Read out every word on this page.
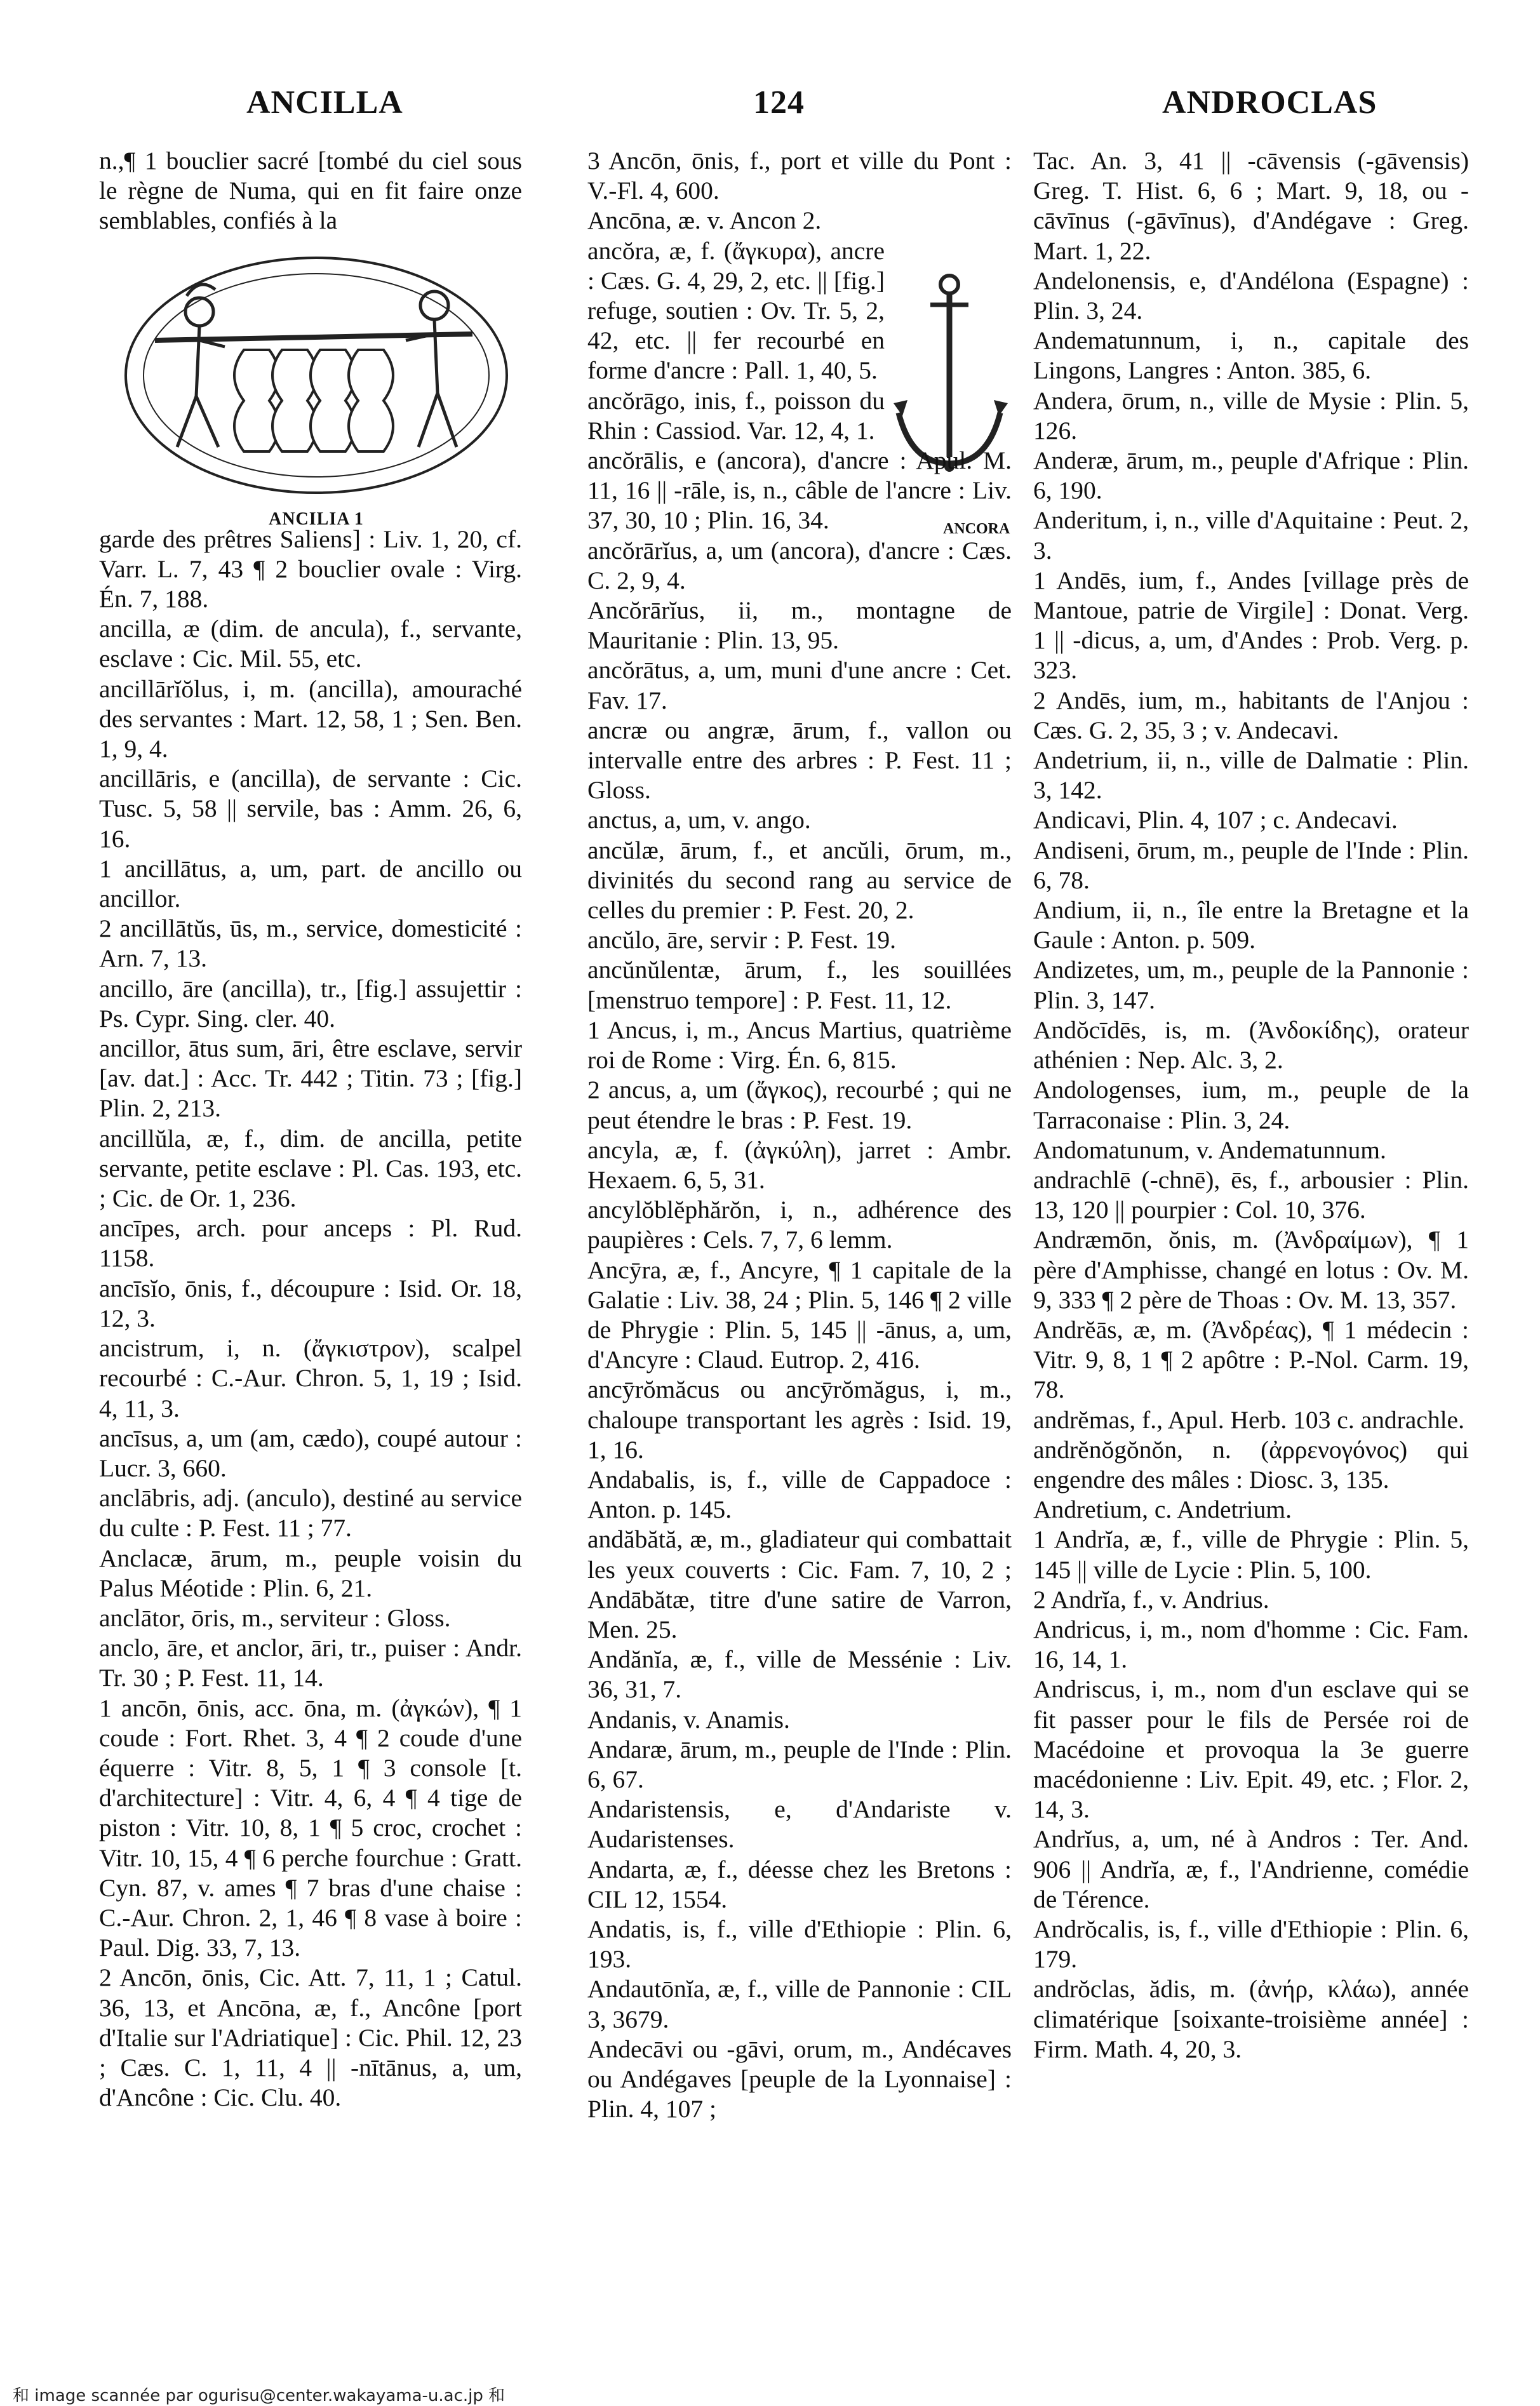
ANCILLA	124	ANDROCLAS

n.,¶ 1 bouclier sacré [tombé du ciel sous le règne de Numa, qui en fit faire onze semblables, confiés à la

ANCILIA 1

garde des prêtres Saliens] : Liv. 1, 20, cf. Varr. L. 7, 43 ¶ 2 bouclier ovale : Virg. Én. 7, 188.

ancilla, æ (dim. de ancula), f., servante, esclave : Cic. Mil. 55, etc.

ancillārĭŏlus, i, m. (ancilla), amouraché des servantes : Mart. 12, 58, 1 ; Sen. Ben. 1, 9, 4.

ancillāris, e (ancilla), de servante : Cic. Tusc. 5, 58 || servile, bas : Amm. 26, 6, 16.

1 ancillātus, a, um, part. de ancillo ou ancillor.

2 ancillātŭs, ūs, m., service, domesticité : Arn. 7, 13.

ancillo, āre (ancilla), tr., [fig.] assujettir : Ps. Cypr. Sing. cler. 40.

ancillor, ātus sum, āri, être esclave, servir [av. dat.] : Acc. Tr. 442 ; Titin. 73 ; [fig.] Plin. 2, 213.

ancillŭla, æ, f., dim. de ancilla, petite servante, petite esclave : Pl. Cas. 193, etc. ; Cic. de Or. 1, 236.

ancīpes, arch. pour anceps : Pl. Rud. 1158.

ancīsĭo, ōnis, f., découpure : Isid. Or. 18, 12, 3.

ancistrum, i, n. (ἄγκιστρον), scalpel recourbé : C.-Aur. Chron. 5, 1, 19 ; Isid. 4, 11, 3.

ancīsus, a, um (am, cædo), coupé autour : Lucr. 3, 660.

anclābris, adj. (anculo), destiné au service du culte : P. Fest. 11 ; 77.

Anclacæ, ārum, m., peuple voisin du Palus Méotide : Plin. 6, 21.

anclātor, ōris, m., serviteur : Gloss.

anclo, āre, et anclor, āri, tr., puiser : Andr. Tr. 30 ; P. Fest. 11, 14.

1 ancōn, ōnis, acc. ōna, m. (ἀγκών), ¶ 1 coude : Fort. Rhet. 3, 4 ¶ 2 coude d'une équerre : Vitr. 8, 5, 1 ¶ 3 console [t. d'architecture] : Vitr. 4, 6, 4 ¶ 4 tige de piston : Vitr. 10, 8, 1 ¶ 5 croc, crochet : Vitr. 10, 15, 4 ¶ 6 perche fourchue : Gratt. Cyn. 87, v. ames ¶ 7 bras d'une chaise : C.-Aur. Chron. 2, 1, 46 ¶ 8 vase à boire : Paul. Dig. 33, 7, 13.

2 Ancōn, ōnis, Cic. Att. 7, 11, 1 ; Catul. 36, 13, et Ancōna, æ, f., Ancône [port d'Italie sur l'Adriatique] : Cic. Phil. 12, 23 ; Cæs. C. 1, 11, 4 || -nītānus, a, um, d'Ancône : Cic. Clu. 40.

ANCORA

3 Ancōn, ōnis, f., port et ville du Pont : V.-Fl. 4, 600.

Ancōna, æ. v. Ancon 2.

ancŏra, æ, f. (ἄγκυρα), ancre : Cæs. G. 4, 29, 2, etc. || [fig.] refuge, soutien : Ov. Tr. 5, 2, 42, etc. || fer recourbé en forme d'ancre : Pall. 1, 40, 5.

ancŏrāgo, inis, f., poisson du Rhin : Cassiod. Var. 12, 4, 1.

ancŏrālis, e (ancora), d'ancre : Apul. M. 11, 16 || -rāle, is, n., câble de l'ancre : Liv. 37, 30, 10 ; Plin. 16, 34.

ancŏrārĭus, a, um (ancora), d'ancre : Cæs. C. 2, 9, 4.

Ancŏrārĭus, ii, m., montagne de Mauritanie : Plin. 13, 95.

ancŏrātus, a, um, muni d'une ancre : Cet. Fav. 17.

ancræ ou angræ, ārum, f., vallon ou intervalle entre des arbres : P. Fest. 11 ; Gloss.

anctus, a, um, v. ango.

ancŭlæ, ārum, f., et ancŭli, ōrum, m., divinités du second rang au service de celles du premier : P. Fest. 20, 2.

ancŭlo, āre, servir : P. Fest. 19.

ancŭnŭlentæ, ārum, f., les souillées [menstruo tempore] : P. Fest. 11, 12.

1 Ancus, i, m., Ancus Martius, quatrième roi de Rome : Virg. Én. 6, 815.

2 ancus, a, um (ἄγκος), recourbé ; qui ne peut étendre le bras : P. Fest. 19.

ancyla, æ, f. (ἀγκύλη), jarret : Ambr. Hexaem. 6, 5, 31.

ancylŏblĕphărŏn, i, n., adhérence des paupières : Cels. 7, 7, 6 lemm.

Ancȳra, æ, f., Ancyre, ¶ 1 capitale de la Galatie : Liv. 38, 24 ; Plin. 5, 146 ¶ 2 ville de Phrygie : Plin. 5, 145 || -ānus, a, um, d'Ancyre : Claud. Eutrop. 2, 416.

ancȳrŏmăcus ou ancȳrŏmăgus, i, m., chaloupe transportant les agrès : Isid. 19, 1, 16.

Andabalis, is, f., ville de Cappadoce : Anton. p. 145.

andăbătă, æ, m., gladiateur qui combattait les yeux couverts : Cic. Fam. 7, 10, 2 ; Andābătæ, titre d'une satire de Varron, Men. 25.

Andănĭa, æ, f., ville de Messénie : Liv. 36, 31, 7.

Andanis, v. Anamis.

Andaræ, ārum, m., peuple de l'Inde : Plin. 6, 67.

Andaristensis, e, d'Andariste v. Audaristenses.

Andarta, æ, f., déesse chez les Bretons : CIL 12, 1554.

Andatis, is, f., ville d'Ethiopie : Plin. 6, 193.

Andautōnĭa, æ, f., ville de Pannonie : CIL 3, 3679.

Andecāvi ou -gāvi, orum, m., Andécaves ou Andégaves [peuple de la Lyonnaise] : Plin. 4, 107 ;

Tac. An. 3, 41 || -cāvensis (-gāvensis) Greg. T. Hist. 6, 6 ; Mart. 9, 18, ou -cāvīnus (-gāvīnus), d'Andégave : Greg. Mart. 1, 22.

Andelonensis, e, d'Andélona (Espagne) : Plin. 3, 24.

Andematunnum, i, n., capitale des Lingons, Langres : Anton. 385, 6.

Andera, ōrum, n., ville de Mysie : Plin. 5, 126.

Anderæ, ārum, m., peuple d'Afrique : Plin. 6, 190.

Anderitum, i, n., ville d'Aquitaine : Peut. 2, 3.

1 Andēs, ium, f., Andes [village près de Mantoue, patrie de Virgile] : Donat. Verg. 1 || -dicus, a, um, d'Andes : Prob. Verg. p. 323.

2 Andēs, ium, m., habitants de l'Anjou : Cæs. G. 2, 35, 3 ; v. Andecavi.

Andetrium, ii, n., ville de Dalmatie : Plin. 3, 142.

Andicavi, Plin. 4, 107 ; c. Andecavi.

Andiseni, ōrum, m., peuple de l'Inde : Plin. 6, 78.

Andium, ii, n., île entre la Bretagne et la Gaule : Anton. p. 509.

Andizetes, um, m., peuple de la Pannonie : Plin. 3, 147.

Andŏcīdēs, is, m. (Ἀνδοκίδης), orateur athénien : Nep. Alc. 3, 2.

Andologenses, ium, m., peuple de la Tarraconaise : Plin. 3, 24.

Andomatunum, v. Andematunnum.

andrachlē (-chnē), ēs, f., arbousier : Plin. 13, 120 || pourpier : Col. 10, 376.

Andræmōn, ŏnis, m. (Ἀνδραίμων), ¶ 1 père d'Amphisse, changé en lotus : Ov. M. 9, 333 ¶ 2 père de Thoas : Ov. M. 13, 357.

Andrĕās, æ, m. (Ἀνδρέας), ¶ 1 médecin : Vitr. 9, 8, 1 ¶ 2 apôtre : P.-Nol. Carm. 19, 78.

andrĕmas, f., Apul. Herb. 103 c. andrachle.

andrĕnŏgŏnŏn, n. (ἀρρενογόνος) qui engendre des mâles : Diosc. 3, 135.

Andretium, c. Andetrium.

1 Andrĭa, æ, f., ville de Phrygie : Plin. 5, 145 || ville de Lycie : Plin. 5, 100.

2 Andrĭa, f., v. Andrius.

Andricus, i, m., nom d'homme : Cic. Fam. 16, 14, 1.

Andriscus, i, m., nom d'un esclave qui se fit passer pour le fils de Persée roi de Macédoine et provoqua la 3e guerre macédonienne : Liv. Epit. 49, etc. ; Flor. 2, 14, 3.

Andrĭus, a, um, né à Andros : Ter. And. 906 || Andrĭa, æ, f., l'Andrienne, comédie de Térence.

Andrŏcalis, is, f., ville d'Ethiopie : Plin. 6, 179.

andrŏclas, ădis, m. (ἀνήρ, κλάω), année climatérique [soixante-troisième année] : Firm. Math. 4, 20, 3.

和 image scannée par ogurisu@center.wakayama-u.ac.jp 和
